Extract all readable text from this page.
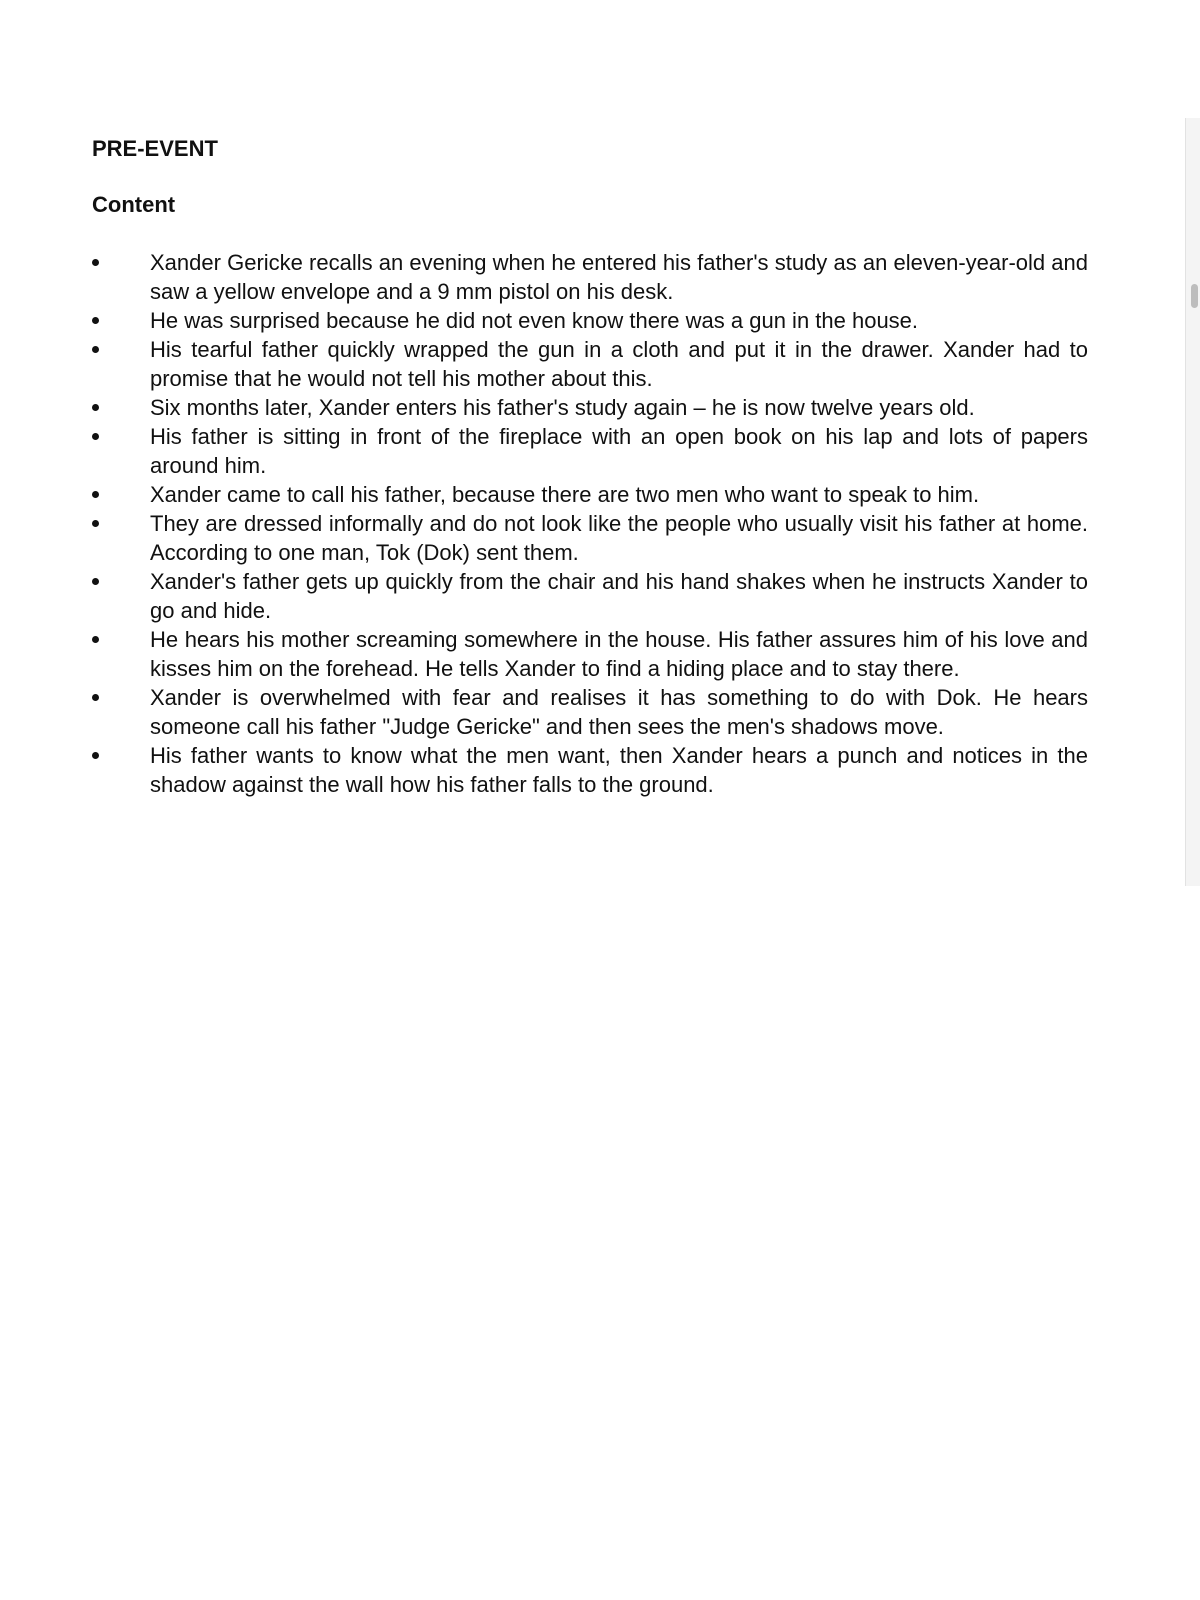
PRE-EVENT
Content
Xander Gericke recalls an evening when he entered his father's study as an eleven-year-old and saw a yellow envelope and a 9 mm pistol on his desk.
He was surprised because he did not even know there was a gun in the house.
His tearful father quickly wrapped the gun in a cloth and put it in the drawer. Xander had to promise that he would not tell his mother about this.
Six months later, Xander enters his father's study again – he is now twelve years old.
His father is sitting in front of the fireplace with an open book on his lap and lots of papers around him.
Xander came to call his father, because there are two men who want to speak to him.
They are dressed informally and do not look like the people who usually visit his father at home. According to one man, Tok (Dok) sent them.
Xander's father gets up quickly from the chair and his hand shakes when he instructs Xander to go and hide.
He hears his mother screaming somewhere in the house. His father assures him of his love and kisses him on the forehead. He tells Xander to find a hiding place and to stay there.
Xander is overwhelmed with fear and realises it has something to do with Dok. He hears someone call his father "Judge Gericke" and then sees the men's shadows move.
His father wants to know what the men want, then Xander hears a punch and notices in the shadow against the wall how his father falls to the ground.
